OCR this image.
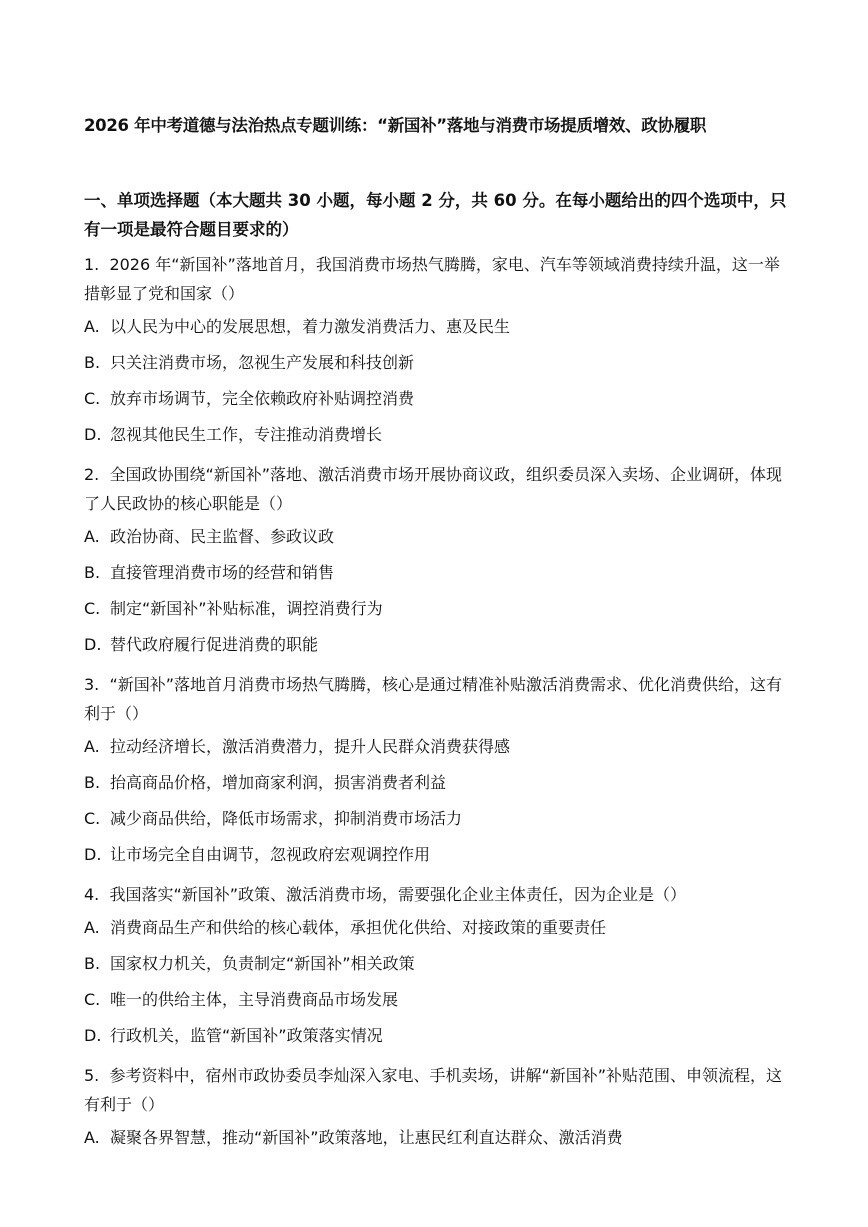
2026 年中考道德与法治热点专题训练：“新国补”落地与消费市场提质增效、政协履职
一、单项选择题（本大题共 30 小题，每小题 2 分，共 60 分。在每小题给出的四个选项中，只有一项是最符合题目要求的）
1. 2026 年“新国补”落地首月，我国消费市场热气腾腾，家电、汽车等领域消费持续升温，这一举措彰显了党和国家（）
A. 以人民为中心的发展思想，着力激发消费活力、惠及民生
B. 只关注消费市场，忽视生产发展和科技创新
C. 放弃市场调节，完全依赖政府补贴调控消费
D. 忽视其他民生工作，专注推动消费增长
2. 全国政协围绕“新国补”落地、激活消费市场开展协商议政，组织委员深入卖场、企业调研，体现了人民政协的核心职能是（）
A. 政治协商、民主监督、参政议政
B. 直接管理消费市场的经营和销售
C. 制定“新国补”补贴标准，调控消费行为
D. 替代政府履行促进消费的职能
3. “新国补”落地首月消费市场热气腾腾，核心是通过精准补贴激活消费需求、优化消费供给，这有利于（）
A. 拉动经济增长，激活消费潜力，提升人民群众消费获得感
B. 抬高商品价格，增加商家利润，损害消费者利益
C. 减少商品供给，降低市场需求，抑制消费市场活力
D. 让市场完全自由调节，忽视政府宏观调控作用
4. 我国落实“新国补”政策、激活消费市场，需要强化企业主体责任，因为企业是（）
A. 消费商品生产和供给的核心载体，承担优化供给、对接政策的重要责任
B. 国家权力机关，负责制定“新国补”相关政策
C. 唯一的供给主体，主导消费商品市场发展
D. 行政机关，监管“新国补”政策落实情况
5. 参考资料中，宿州市政协委员李灿深入家电、手机卖场，讲解“新国补”补贴范围、申领流程，这有利于（）
A. 凝聚各界智慧，推动“新国补”政策落地，让惠民红利直达群众、激活消费
